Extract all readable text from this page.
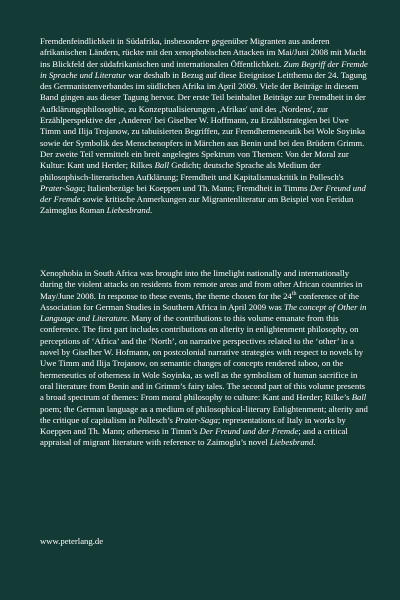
Fremdenfeindlichkeit in Südafrika, insbesondere gegenüber Migranten aus anderen afrikanischen Ländern, rückte mit den xenophobischen Attacken im Mai/Juni 2008 mit Macht ins Blickfeld der südafrikanischen und internationalen Öffentlichkeit. Zum Begriff der Fremde in Sprache und Literatur war deshalb in Bezug auf diese Ereignisse Leitthema der 24. Tagung des Germanistenverbandes im südlichen Afrika im April 2009. Viele der Beiträge in diesem Band gingen aus dieser Tagung hervor. Der erste Teil beinhaltet Beiträge zur Fremdheit in der Aufklärungsphilosophie, zu Konzeptualisierungen ‚Afrikas' und des ‚Nordens', zur Erzählperspektive der ‚Anderen' bei Giselher W. Hoffmann, zu Erzählstrategien bei Uwe Timm und Ilija Trojanow, zu tabuisierten Begriffen, zur Fremdhermeneutik bei Wole Soyinka sowie der Symbolik des Menschenopfers in Märchen aus Benin und bei den Brüdern Grimm. Der zweite Teil vermittelt ein breit angelegtes Spektrum von Themen: Von der Moral zur Kultur: Kant und Herder; Rilkes Ball Gedicht; deutsche Sprache als Medium der philosophisch-literarischen Aufklärung; Fremdheit und Kapitalismuskritik in Pollesch's Prater-Saga; Italienbezüge bei Koeppen und Th. Mann; Fremdheit in Timms Der Freund und der Fremde sowie kritische Anmerkungen zur Migrantenliteratur am Beispiel von Feridun Zaimoglus Roman Liebesbrand.

Xenophobia in South Africa was brought into the limelight nationally and internationally during the violent attacks on residents from remote areas and from other African countries in May/June 2008. In response to these events, the theme chosen for the 24th conference of the Association for German Studies in Southern Africa in April 2009 was The concept of Other in Language and Literature. Many of the contributions to this volume emanate from this conference. The first part includes contributions on alterity in enlightenment philosophy, on perceptions of ‘Africa’ and the ‘North’, on narrative perspectives related to the ‘other’ in a novel by Giselher W. Hofmann, on postcolonial narrative strategies with respect to novels by Uwe Timm and Ilija Trojanow, on semantic changes of concepts rendered taboo, on the hermeneutics of otherness in Wole Soyinka, as well as the symbolism of human sacrifice in oral literature from Benin and in Grimm’s fairy tales. The second part of this volume presents a broad spectrum of themes: From moral philosophy to culture: Kant and Herder; Rilke’s Ball poem; the German language as a medium of philosophical-literary Enlightenment; alterity and the critique of capitalism in Pollesch’s Prater-Saga; representations of Italy in works by Koeppen and Th. Mann; otherness in Timm’s Der Freund und der Fremde; and a critical appraisal of migrant literature with reference to Zaimoglu’s novel Liebesbrand.

www.peterlang.de
